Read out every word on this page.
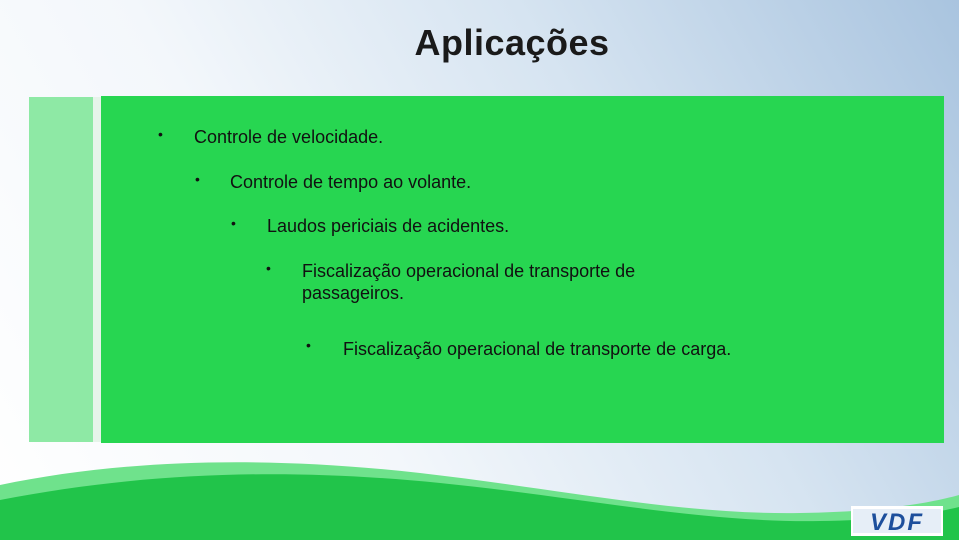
Aplicações
• Controle de velocidade.
• Controle de tempo ao volante.
• Laudos periciais de acidentes.
• Fiscalização operacional de transporte de passageiros.
• Fiscalização operacional de transporte de carga.
VDF
